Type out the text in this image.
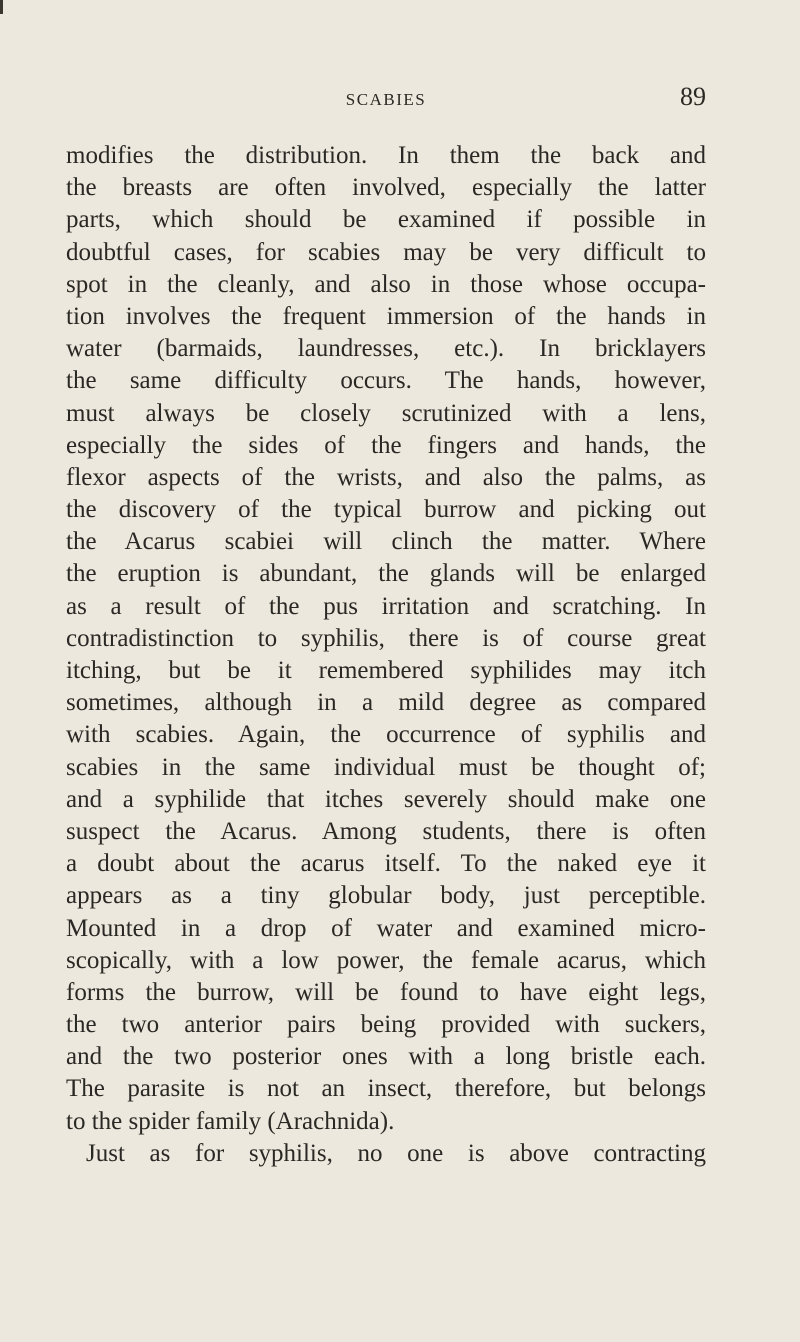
SCABIES	89
modifies the distribution. In them the back and
the breasts are often involved, especially the latter
parts, which should be examined if possible in
doubtful cases, for scabies may be very difficult to
spot in the cleanly, and also in those whose occupa-
tion involves the frequent immersion of the hands in
water (barmaids, laundresses, etc.). In bricklayers
the same difficulty occurs. The hands, however,
must always be closely scrutinized with a lens,
especially the sides of the fingers and hands, the
flexor aspects of the wrists, and also the palms, as
the discovery of the typical burrow and picking out
the Acarus scabiei will clinch the matter. Where
the eruption is abundant, the glands will be enlarged
as a result of the pus irritation and scratching. In
contradistinction to syphilis, there is of course great
itching, but be it remembered syphilides may itch
sometimes, although in a mild degree as compared
with scabies. Again, the occurrence of syphilis and
scabies in the same individual must be thought of;
and a syphilide that itches severely should make one
suspect the Acarus. Among students, there is often
a doubt about the acarus itself. To the naked eye it
appears as a tiny globular body, just perceptible.
Mounted in a drop of water and examined micro-
scopically, with a low power, the female acarus, which
forms the burrow, will be found to have eight legs,
the two anterior pairs being provided with suckers,
and the two posterior ones with a long bristle each.
The parasite is not an insect, therefore, but belongs
to the spider family (Arachnida).
Just as for syphilis, no one is above contracting
